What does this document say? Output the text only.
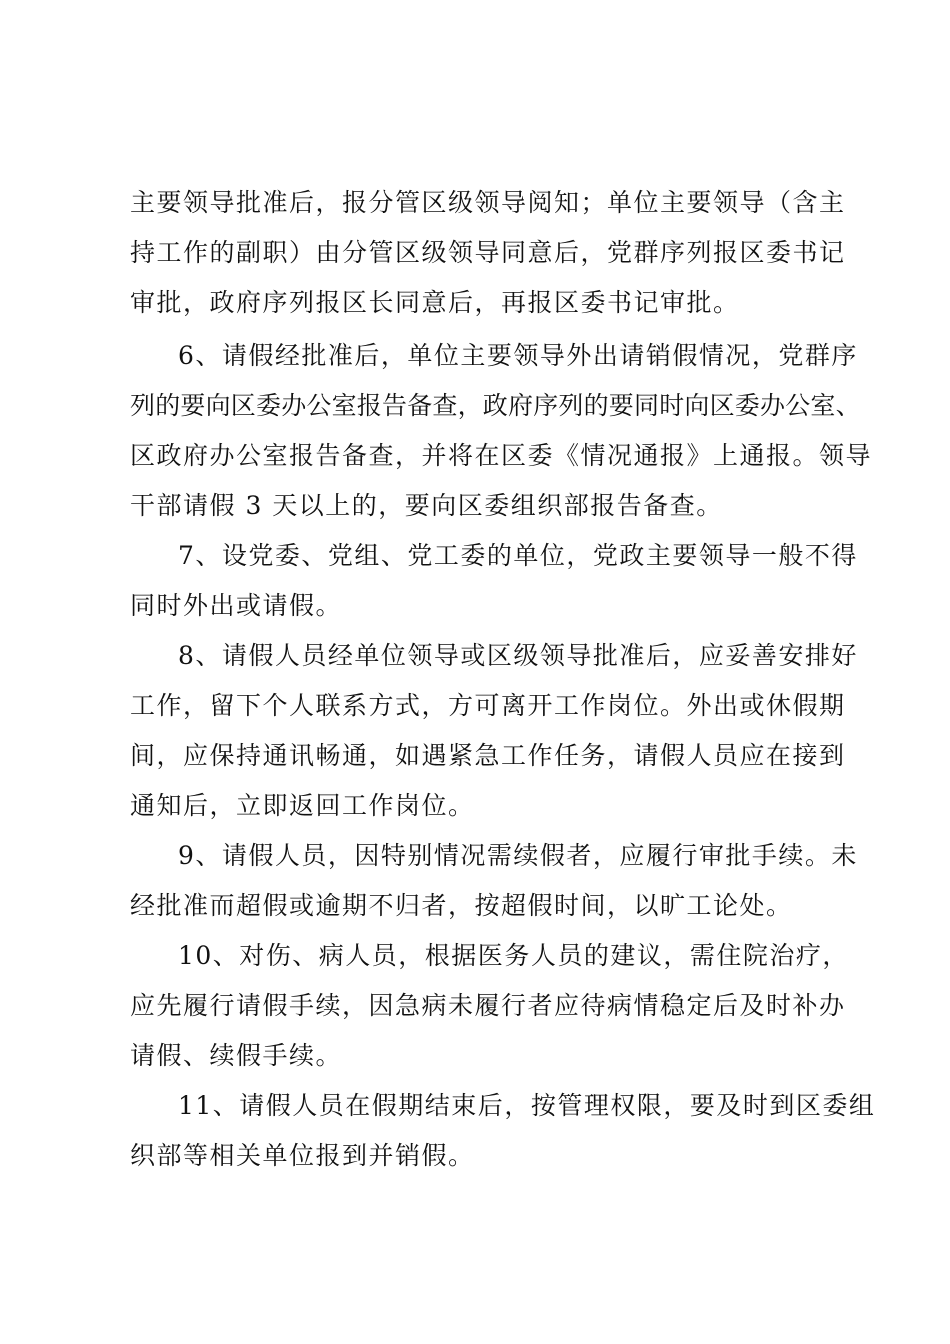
主要领导批准后，报分管区级领导阅知；单位主要领导（含主
持工作的副职）由分管区级领导同意后，党群序列报区委书记
审批，政府序列报区长同意后，再报区委书记审批。
6、请假经批准后，单位主要领导外出请销假情况，党群序
列的要向区委办公室报告备查，政府序列的要同时向区委办公室、
区政府办公室报告备查，并将在区委《情况通报》上通报。领导
干部请假 3 天以上的，要向区委组织部报告备查。
7、设党委、党组、党工委的单位，党政主要领导一般不得
同时外出或请假。
8、请假人员经单位领导或区级领导批准后，应妥善安排好
工作，留下个人联系方式，方可离开工作岗位。外出或休假期
间，应保持通讯畅通，如遇紧急工作任务，请假人员应在接到
通知后，立即返回工作岗位。
9、请假人员，因特别情况需续假者，应履行审批手续。未
经批准而超假或逾期不归者，按超假时间，以旷工论处。
10、对伤、病人员，根据医务人员的建议，需住院治疗，
应先履行请假手续，因急病未履行者应待病情稳定后及时补办
请假、续假手续。
11、请假人员在假期结束后，按管理权限，要及时到区委组
织部等相关单位报到并销假。
